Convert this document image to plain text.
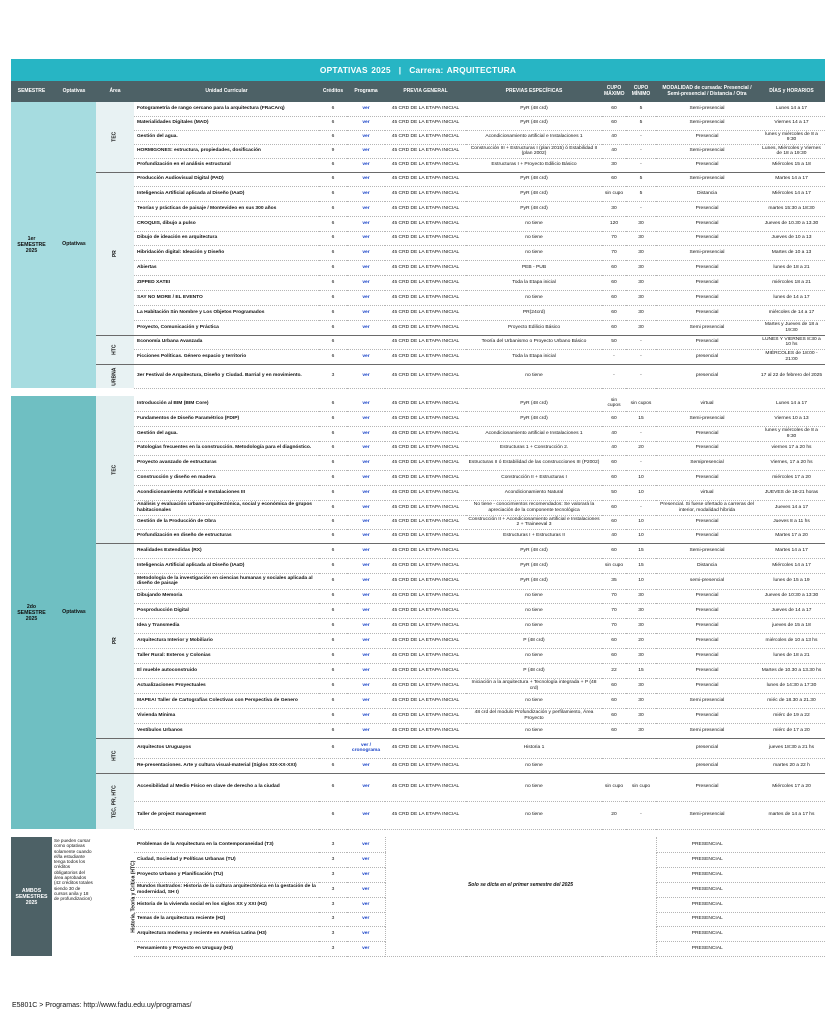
OPTATIVAS 2025 | Carrera: ARQUITECTURA
SEMESTRE	Optativas	Área	Unidad Curricular	Créditos	Programa	PREVIA GENERAL	PREVIAS ESPECÍFICAS	CUPO MÁXIMO	CUPO MÍNIMO	MODALIDAD de cursada: Presencial / Semi-presencial / Distancia / Otra	DÍAS y HORARIOS
1er SEMESTRE 2025	Optativas	TEC	Fotogrametría de rango cercano para la arquitectura (FRaCArq)	6	ver	45 CRD DE LA ETAPA INICIAL	PyR (48 crd)	60	5	Semi-presencial	Lunes 14 a 17
			Materialidades Digitales (MAD)	6	ver	45 CRD DE LA ETAPA INICIAL	PyR (48 crd)	60	5	Semi-presencial	Viernes 14 a 17
			Gestión del agua.	6	ver	45 CRD DE LA ETAPA INICIAL	Acondicionamiento artificial e Instalaciones 1	40	-	Presencial	lunes y miércoles de 8 a 9:30
			HORMIGONES: estructura, propiedades, dosificación	9	ver	45 CRD DE LA ETAPA INICIAL	Construcción III + Estructuras I (plan 2015) ó Estabilidad II (plan 2002)	40	-	Semi-presencial	Lunes, Miércoles y Viernes de 18 a 19:30
			Profundización en el análisis estructural	6	ver	45 CRD DE LA ETAPA INICIAL	Estructuras I + Proyecto Edilicio Básico	30	-	Presencial	Miércoles 15 a 18
		PR	Producción Audiovisual Digital (PAD)	6	ver	45 CRD DE LA ETAPA INICIAL	PyR (48 crd)	60	5	Semi-presencial	Martes 14 a 17
			Inteligencia Artificial aplicada al Diseño (IAaD)	6	ver	45 CRD DE LA ETAPA INICIAL	PyR (48 crd)	sin cupo	5	Distancia	Miércoles 14 a 17
			Teorías y prácticas de paisaje / Montevideo en sus 300 años	6	ver	45 CRD DE LA ETAPA INICIAL	PyR (48 crd)	30	-	Presencial	martes 15:30 a 18:30
			CROQUIS, dibujo a pulso	6	ver	45 CRD DE LA ETAPA INICIAL	no tiene	120	30	Presencial	Jueves de 10.30 a 13.30
			Dibujo de ideación en arquitectura	6	ver	45 CRD DE LA ETAPA INICIAL	no tiene	70	30	Presencial	Jueves de 10 a 13
			Hibridación digital: Ideación y Diseño	6	ver	45 CRD DE LA ETAPA INICIAL	no tiene	70	30	Semi-presencial	Martes de 10 a 13
			Abiertas	6	ver	45 CRD DE LA ETAPA INICIAL	PEB - PUB	60	30	Presencial	lunes de 18 a 21
			ZIPPED XATEI	6	ver	45 CRD DE LA ETAPA INICIAL	Toda la Etapa inicial	60	30	Presencial	miércoles 18 a 21
			SAY NO MORE / EL EVENTO	6	ver	45 CRD DE LA ETAPA INICIAL	no tiene	60	30	Presencial	lunes de 14 a 17
			La Habitación Sin Nombre y Los Objetos Programados	6	ver	45 CRD DE LA ETAPA INICIAL	PR(24crd)	60	30	Presencial	miércoles de 14 a 17
			Proyecto, Comunicación y Práctica	6	ver	45 CRD DE LA ETAPA INICIAL	Proyecto Edilicio Básico	60	30	Semi presencial	Martes y Jueves de 18 a 19:30
		HTC	Economía Urbana Avanzada	6		45 CRD DE LA ETAPA INICIAL	Teoría del Urbanismo o Proyecto Urbano Básico	50	-	Presencial	LUNES Y VIERNES 8:30 a 10 hs
			Ficciones Políticas. Género espacio y territorio	6	ver	45 CRD DE LA ETAPA INICIAL	Toda la Etapa inicial	-	-	presencial	MIÉRCOLES de 18:00 - 21:00
		URBNA	3er Festival de Arquitectura, Diseño y Ciudad. Barrial y en movimiento.	3	ver	45 CRD DE LA ETAPA INICIAL	no tiene	-	-	presencial	17 al 22 de febrero del 2025

2do SEMESTRE 2025	Optativas	TEC	Introducción al BIM (BIM Core)	6	ver	45 CRD DE LA ETAPA INICIAL	PyR (48 crd)	sin cupos	sin cupos	virtual	Lunes 14 a 17
			Fundamentos de Diseño Paramétrico (FDIP)	6	ver	45 CRD DE LA ETAPA INICIAL	PyR (48 crd)	60	15	Semi-presencial	Viernes 10 a 13
			Gestión del agua.	6	ver	45 CRD DE LA ETAPA INICIAL	Acondicionamiento artificial e Instalaciones 1	40	-	Presencial	lunes y miércoles de 8 a 9:30
			Patologías frecuentes en la construcción. Metodología para el diagnóstico.	6	ver	45 CRD DE LA ETAPA INICIAL	Estructuras 1 + Construcción 2.	40	20	Presencial	viernes 17 a 20 hs
			Proyecto avanzado de estructuras	6	ver	45 CRD DE LA ETAPA INICIAL	Estructuras II ó Estabilidad de las construcciones III (P2002)	60	-	Semipresencial	Viernes, 17 a 20 hs
			Construcción y diseño en madera	6	ver	45 CRD DE LA ETAPA INICIAL	Construcción II + Estructuras I	60	10	Presencial	miércoles 17 a 20
			Acondicionamiento Artificial e Instalaciones III	6	ver	45 CRD DE LA ETAPA INICIAL	Acondicionamiento Natural	50	10	virtual	JUEVES de 18-21 horas
			Análisis y evaluación urbano-arquitectónica, social y económica de grupos habitacionales	6	ver	45 CRD DE LA ETAPA INICIAL	No tiene - conocimientos recomendados: Se valorará la apreciación de la componente tecnológica	60	-	Presencial. Si fuese ofertado a carreras del interior, modalidad híbrida	Jueves 14 a 17
			Gestión de la Producción de Obra	6	ver	45 CRD DE LA ETAPA INICIAL	Construcción II + Acondicionamiento artificial e Instalaciones 2 + Traineeval 3	60	10	Presencial	Jueves 8 a 11 hs
			Profundización en diseño de estructuras	6	ver	45 CRD DE LA ETAPA INICIAL	Estructuras I + Estructuras II	40	10	Presencial	Martes 17 a 20
		PR	Realidades Extendidas (RX)	6	ver	45 CRD DE LA ETAPA INICIAL	PyR (48 crd)	60	15	Semi-presencial	Martes 14 a 17
			Inteligencia Artificial aplicada al Diseño (IAaD)	6	ver	45 CRD DE LA ETAPA INICIAL	PyR (48 crd)	sin cupo	15	Distancia	Miércoles 14 a 17
			Metodología de la investigación en ciencias humanas y sociales aplicada al diseño de paisaje	6	ver	45 CRD DE LA ETAPA INICIAL	PyR (48 crd)	35	10	semi-presencial	lunes de 15 a 19
			Dibujando Memoria	6	ver	45 CRD DE LA ETAPA INICIAL	no tiene	70	30	Presencial	Jueves de 10:30 a 13:30
			Posproducción Digital	6	ver	45 CRD DE LA ETAPA INICIAL	no tiene	70	30	Presencial	Jueves de 14 a 17
			Idea y Transmedia	6	ver	45 CRD DE LA ETAPA INICIAL	no tiene	70	30	Presencial	jueves de 15 a 18
			Arquitectura Interior y Mobiliario	6	ver	45 CRD DE LA ETAPA INICIAL	P (48 crd)	60	20	Presencial	miércoles de 10 a 13 hs
			Taller Rural: Esteros y Colonias	6	ver	45 CRD DE LA ETAPA INICIAL	no tiene	60	30	Presencial	lunes de 18 a 21
			El mueble autoconstruido	6	ver	45 CRD DE LA ETAPA INICIAL	P (48 crd)	22	15	Presencial	Martes de 10.30 a 13.30 hs
			Actualizaciones Proyectuales	6	ver	45 CRD DE LA ETAPA INICIAL	Iniciación a la arquitectura + Tecnología integrada + P (48 crd)	60	30	Presencial	lunes de 14:30 a 17:30
			MAPEA! Taller de Cartografías Colectivas con Perspectiva de Genero	6	ver	45 CRD DE LA ETAPA INICIAL	no tiene	60	30	Semi presencial	miéc de 18.30 a 21.30
			Vivienda Mínima	6	ver	45 CRD DE LA ETAPA INICIAL	48 crd del modulo Profundización y perfilamiento, Área Proyecto	60	30	Presencial	miérc de 19 a 22
			Vestíbulos Urbanos	6	ver	45 CRD DE LA ETAPA INICIAL	no tiene	60	30	Semi presencial	miérc de 17 a 20
		HTC	Arquitectos Uruguayos	6	ver / cronograma	45 CRD DE LA ETAPA INICIAL	Historia 1			presencial	jueves 18:30 a 21 hs
			Re-presentaciones. Arte y cultura visual-material (Siglos XIX-XX-XXI)	6	ver	45 CRD DE LA ETAPA INICIAL	no tiene			presencial	martes 20 a 22 h
		TEC, PR, HTC	Accesibilidad al Medio Físico en clave de derecho a la ciudad	6	ver	45 CRD DE LA ETAPA INICIAL	no tiene	sin cupo	sin cupo	Presencial	Miércoles 17 a 20
			Taller de project management	6	ver	45 CRD DE LA ETAPA INICIAL	no tiene	20	-	Semi-presencial	martes de 14 a 17 hs

AMBOS SEMESTRES 2025	Se pueden cursar como optativas solamente cuando el/la estudiante tenga todos los créditos obligatorios del área aprobados (42 créditos totales siendo 30 de cursos anila y 18 de profundizacion)	Historia, Teoría y Crítica (HTC)	Problemas de la Arquitectura en la Contemporaneidad (T3)	3	ver	Solo se dicta en el primer semestre del 2025				PRESENCIAL	
			Ciudad, Sociedad y Políticas Urbanas (TU)	3	ver					PRESENCIAL	
			Proyecto Urbano y Planificación (TU)	3	ver					PRESENCIAL	
			Mundos Ilustrados: Historia de la cultura arquitectónica en la gestación de la modernidad, SH I)	3	ver					PRESENCIAL	
			Historia de la vivienda social en los siglos XX y XXI (H2)	3	ver					PRESENCIAL	
			Temas de la arquitectura reciente (H2)	3	ver					PRESENCIAL	
			Arquitectura moderna y reciente en América Latina (H3)	3	ver					PRESENCIAL	
			Pensamiento y Proyecto en Uruguay (H3)	3	ver					PRESENCIAL	
E5801C > Programas: http://www.fadu.edu.uy/programas/
